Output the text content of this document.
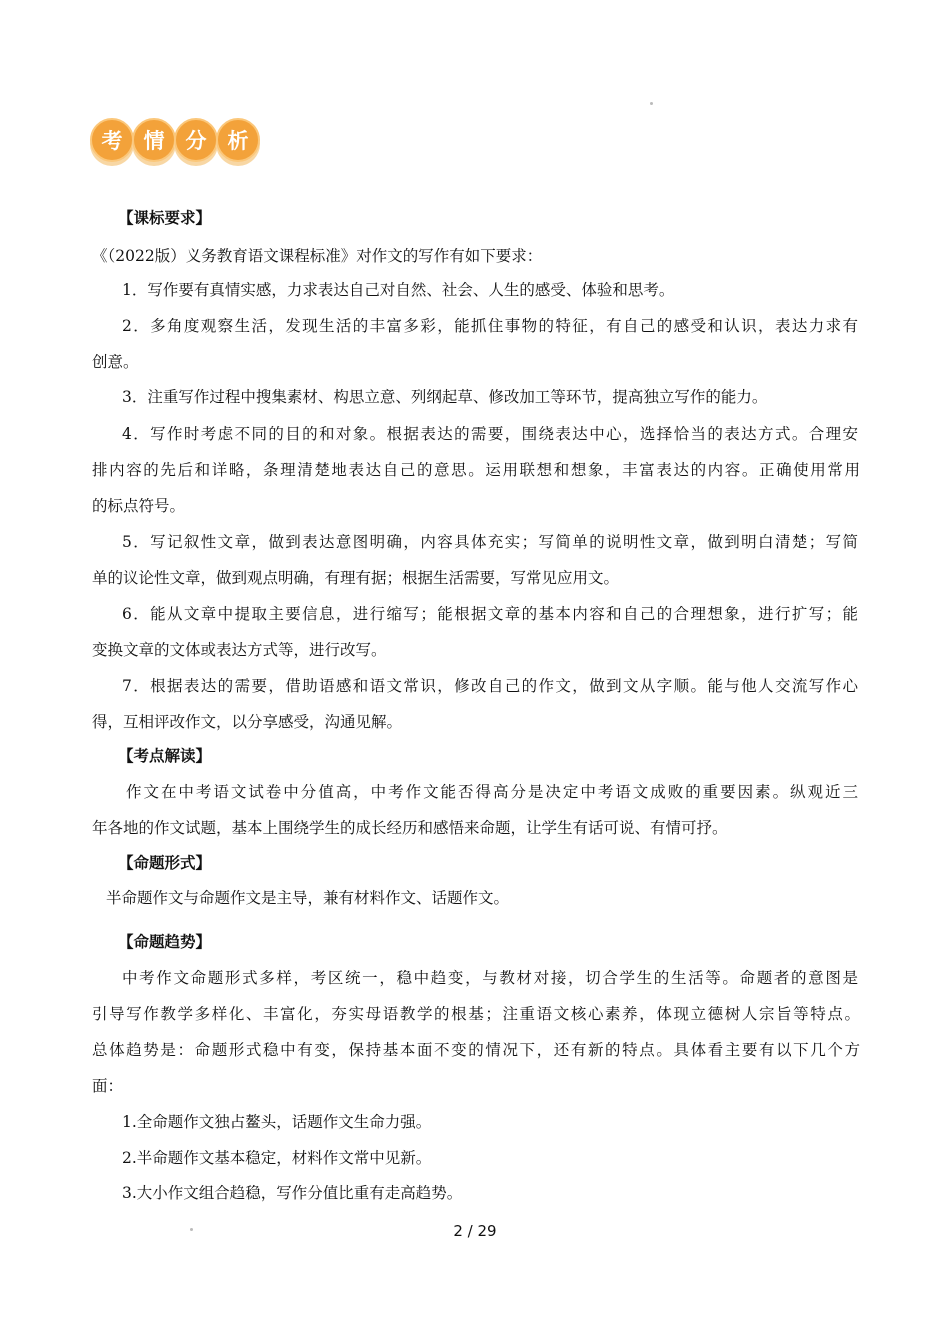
考	情	分	析
【课标要求】
《（2022版）义务教育语文课程标准》对作文的写作有如下要求：
1．写作要有真情实感，力求表达自己对自然、社会、人生的感受、体验和思考。
2．多角度观察生活，发现生活的丰富多彩，能抓住事物的特征，有自己的感受和认识，表达力求有
创意。
3．注重写作过程中搜集素材、构思立意、列纲起草、修改加工等环节，提高独立写作的能力。
4．写作时考虑不同的目的和对象。根据表达的需要，围绕表达中心，选择恰当的表达方式。合理安
排内容的先后和详略，条理清楚地表达自己的意思。运用联想和想象，丰富表达的内容。正确使用常用
的标点符号。
5．写记叙性文章，做到表达意图明确，内容具体充实；写简单的说明性文章，做到明白清楚；写简
单的议论性文章，做到观点明确，有理有据；根据生活需要，写常见应用文。
6．能从文章中提取主要信息，进行缩写；能根据文章的基本内容和自己的合理想象，进行扩写；能
变换文章的文体或表达方式等，进行改写。
7．根据表达的需要，借助语感和语文常识，修改自己的作文，做到文从字顺。能与他人交流写作心
得，互相评改作文，以分享感受，沟通见解。
【考点解读】
作文在中考语文试卷中分值高，中考作文能否得高分是决定中考语文成败的重要因素。纵观近三
年各地的作文试题，基本上围绕学生的成长经历和感悟来命题，让学生有话可说、有情可抒。
【命题形式】
半命题作文与命题作文是主导，兼有材料作文、话题作文。
【命题趋势】
中考作文命题形式多样，考区统一，稳中趋变，与教材对接，切合学生的生活等。命题者的意图是
引导写作教学多样化、丰富化，夯实母语教学的根基；注重语文核心素养，体现立德树人宗旨等特点。
总体趋势是：命题形式稳中有变，保持基本面不变的情况下，还有新的特点。具体看主要有以下几个方
面：
1.全命题作文独占鳌头，话题作文生命力强。
2.半命题作文基本稳定，材料作文常中见新。
3.大小作文组合趋稳，写作分值比重有走高趋势。
2 / 29
